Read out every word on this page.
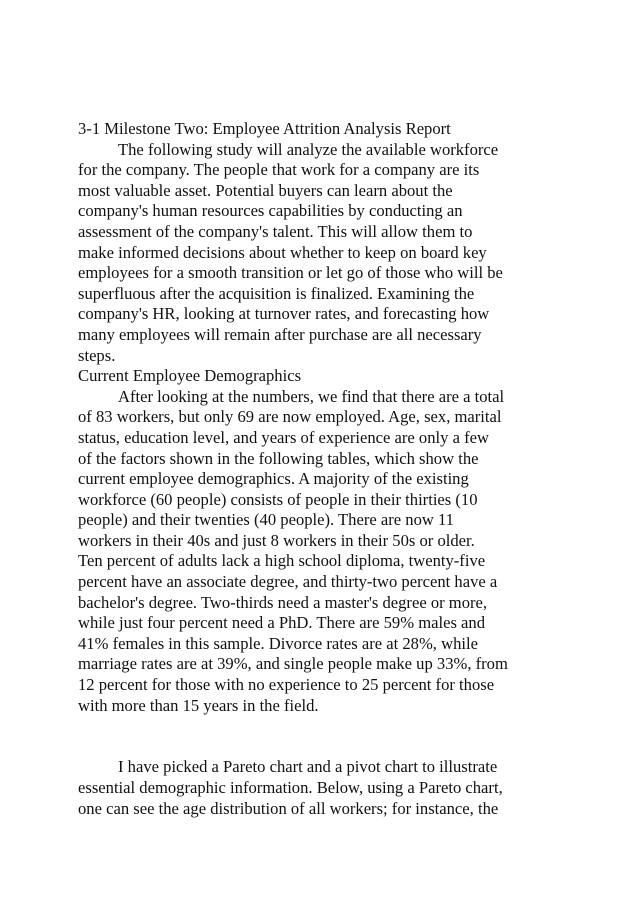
3-1 Milestone Two: Employee Attrition Analysis Report
The following study will analyze the available workforce
for the company. The people that work for a company are its
most valuable asset. Potential buyers can learn about the
company's human resources capabilities by conducting an
assessment of the company's talent. This will allow them to
make informed decisions about whether to keep on board key
employees for a smooth transition or let go of those who will be
superfluous after the acquisition is finalized. Examining the
company's HR, looking at turnover rates, and forecasting how
many employees will remain after purchase are all necessary
steps.
Current Employee Demographics
After looking at the numbers, we find that there are a total
of 83 workers, but only 69 are now employed. Age, sex, marital
status, education level, and years of experience are only a few
of the factors shown in the following tables, which show the
current employee demographics. A majority of the existing
workforce (60 people) consists of people in their thirties (10
people) and their twenties (40 people). There are now 11
workers in their 40s and just 8 workers in their 50s or older.
Ten percent of adults lack a high school diploma, twenty-five
percent have an associate degree, and thirty-two percent have a
bachelor's degree. Two-thirds need a master's degree or more,
while just four percent need a PhD. There are 59% males and
41% females in this sample. Divorce rates are at 28%, while
marriage rates are at 39%, and single people make up 33%, from
12 percent for those with no experience to 25 percent for those
with more than 15 years in the field.
I have picked a Pareto chart and a pivot chart to illustrate
essential demographic information. Below, using a Pareto chart,
one can see the age distribution of all workers; for instance, the
